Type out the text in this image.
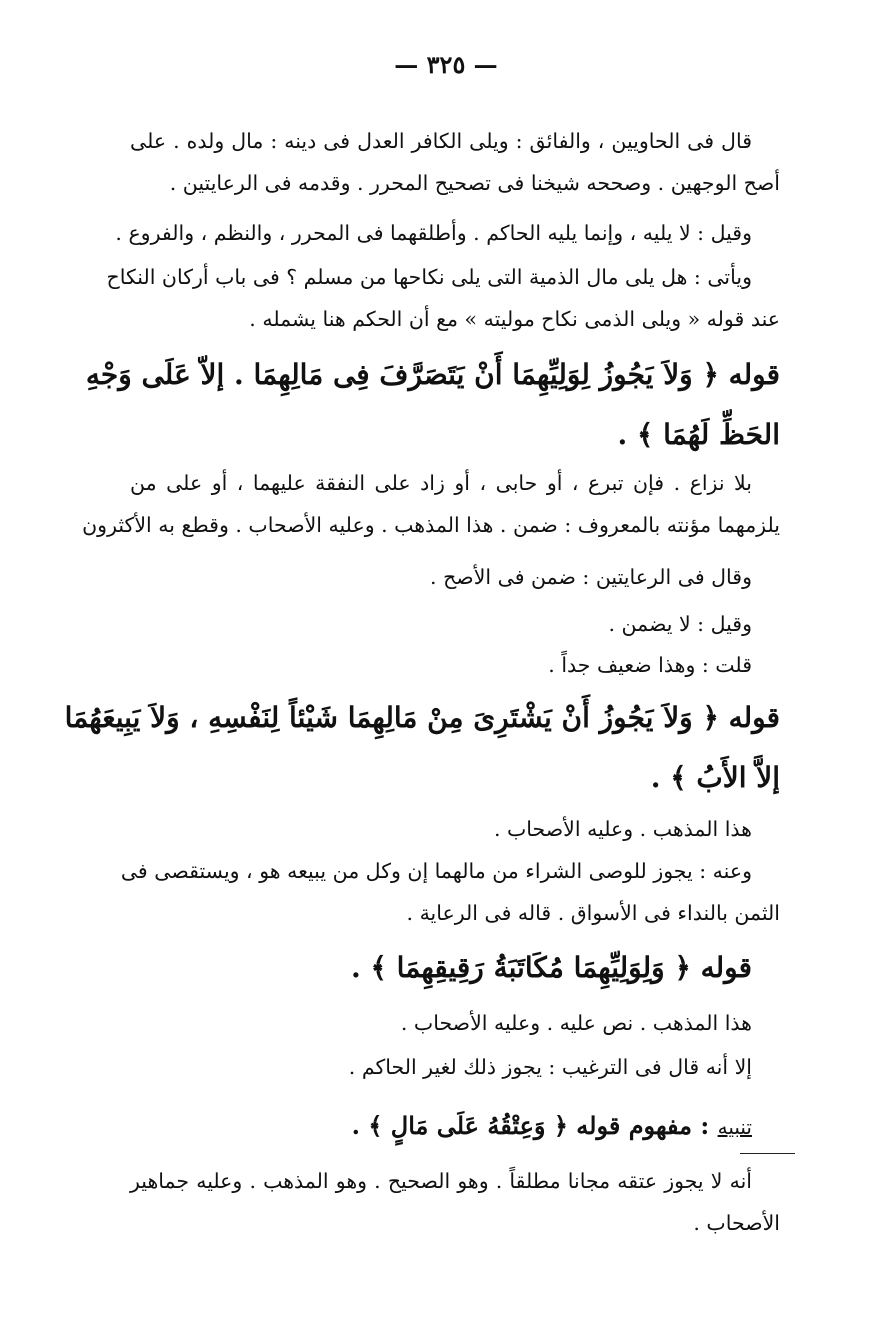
— ٣٢٥ —
قال فى الحاويين ، والفائق : ويلى الكافر العدل فى دينه : مال ولده . على
أصح الوجهين . وصححه شيخنا فى تصحيح المحرر . وقدمه فى الرعايتين .
وقيل : لا يليه ، وإنما يليه الحاكم . وأطلقهما فى المحرر ، والنظم ، والفروع .
ويأتى : هل يلى مال الذمية التى يلى نكاحها من مسلم ؟ فى باب أركان النكاح
عند قوله « ويلى الذمى نكاح موليته » مع أن الحكم هنا يشمله .
قوله ﴿ وَلاَ يَجُوزُ لِوَلِيِّهِمَا أَنْ يَتَصَرَّفَ فِى مَالِهِمَا . إلاّ عَلَى وَجْهِ
الحَظِّ لَهُمَا ﴾ .
بلا نزاع . فإن تبرع ، أو حابى ، أو زاد على النفقة عليهما ، أو على من
يلزمهما مؤنته بالمعروف : ضمن . هذا المذهب . وعليه الأصحاب . وقطع به الأكثرون
وقال فى الرعايتين : ضمن فى الأصح .
وقيل : لا يضمن .
قلت : وهذا ضعيف جداً .
قوله ﴿ وَلاَ يَجُوزُ أَنْ يَشْتَرِىَ مِنْ مَالِهِمَا شَيْئاً لِنَفْسِهِ ، وَلاَ يَبِيعَهُمَا
إلاَّ الأَبُ ﴾ .
هذا المذهب . وعليه الأصحاب .
وعنه : يجوز للوصى الشراء من مالهما إن وكل من يبيعه هو ، ويستقصى فى
الثمن بالنداء فى الأسواق . قاله فى الرعاية .
قوله ﴿ وَلِوَلِيِّهِمَا مُكَاتَبَةُ رَقِيقِهِمَا ﴾ .
هذا المذهب . نص عليه . وعليه الأصحاب .
إلا أنه قال فى الترغيب : يجوز ذلك لغير الحاكم .
تنبيه : مفهوم قوله ﴿ وَعِتْقُهُ عَلَى مَالٍ ﴾ .
أنه لا يجوز عتقه مجانا مطلقاً . وهو الصحيح . وهو المذهب . وعليه جماهير
الأصحاب .
